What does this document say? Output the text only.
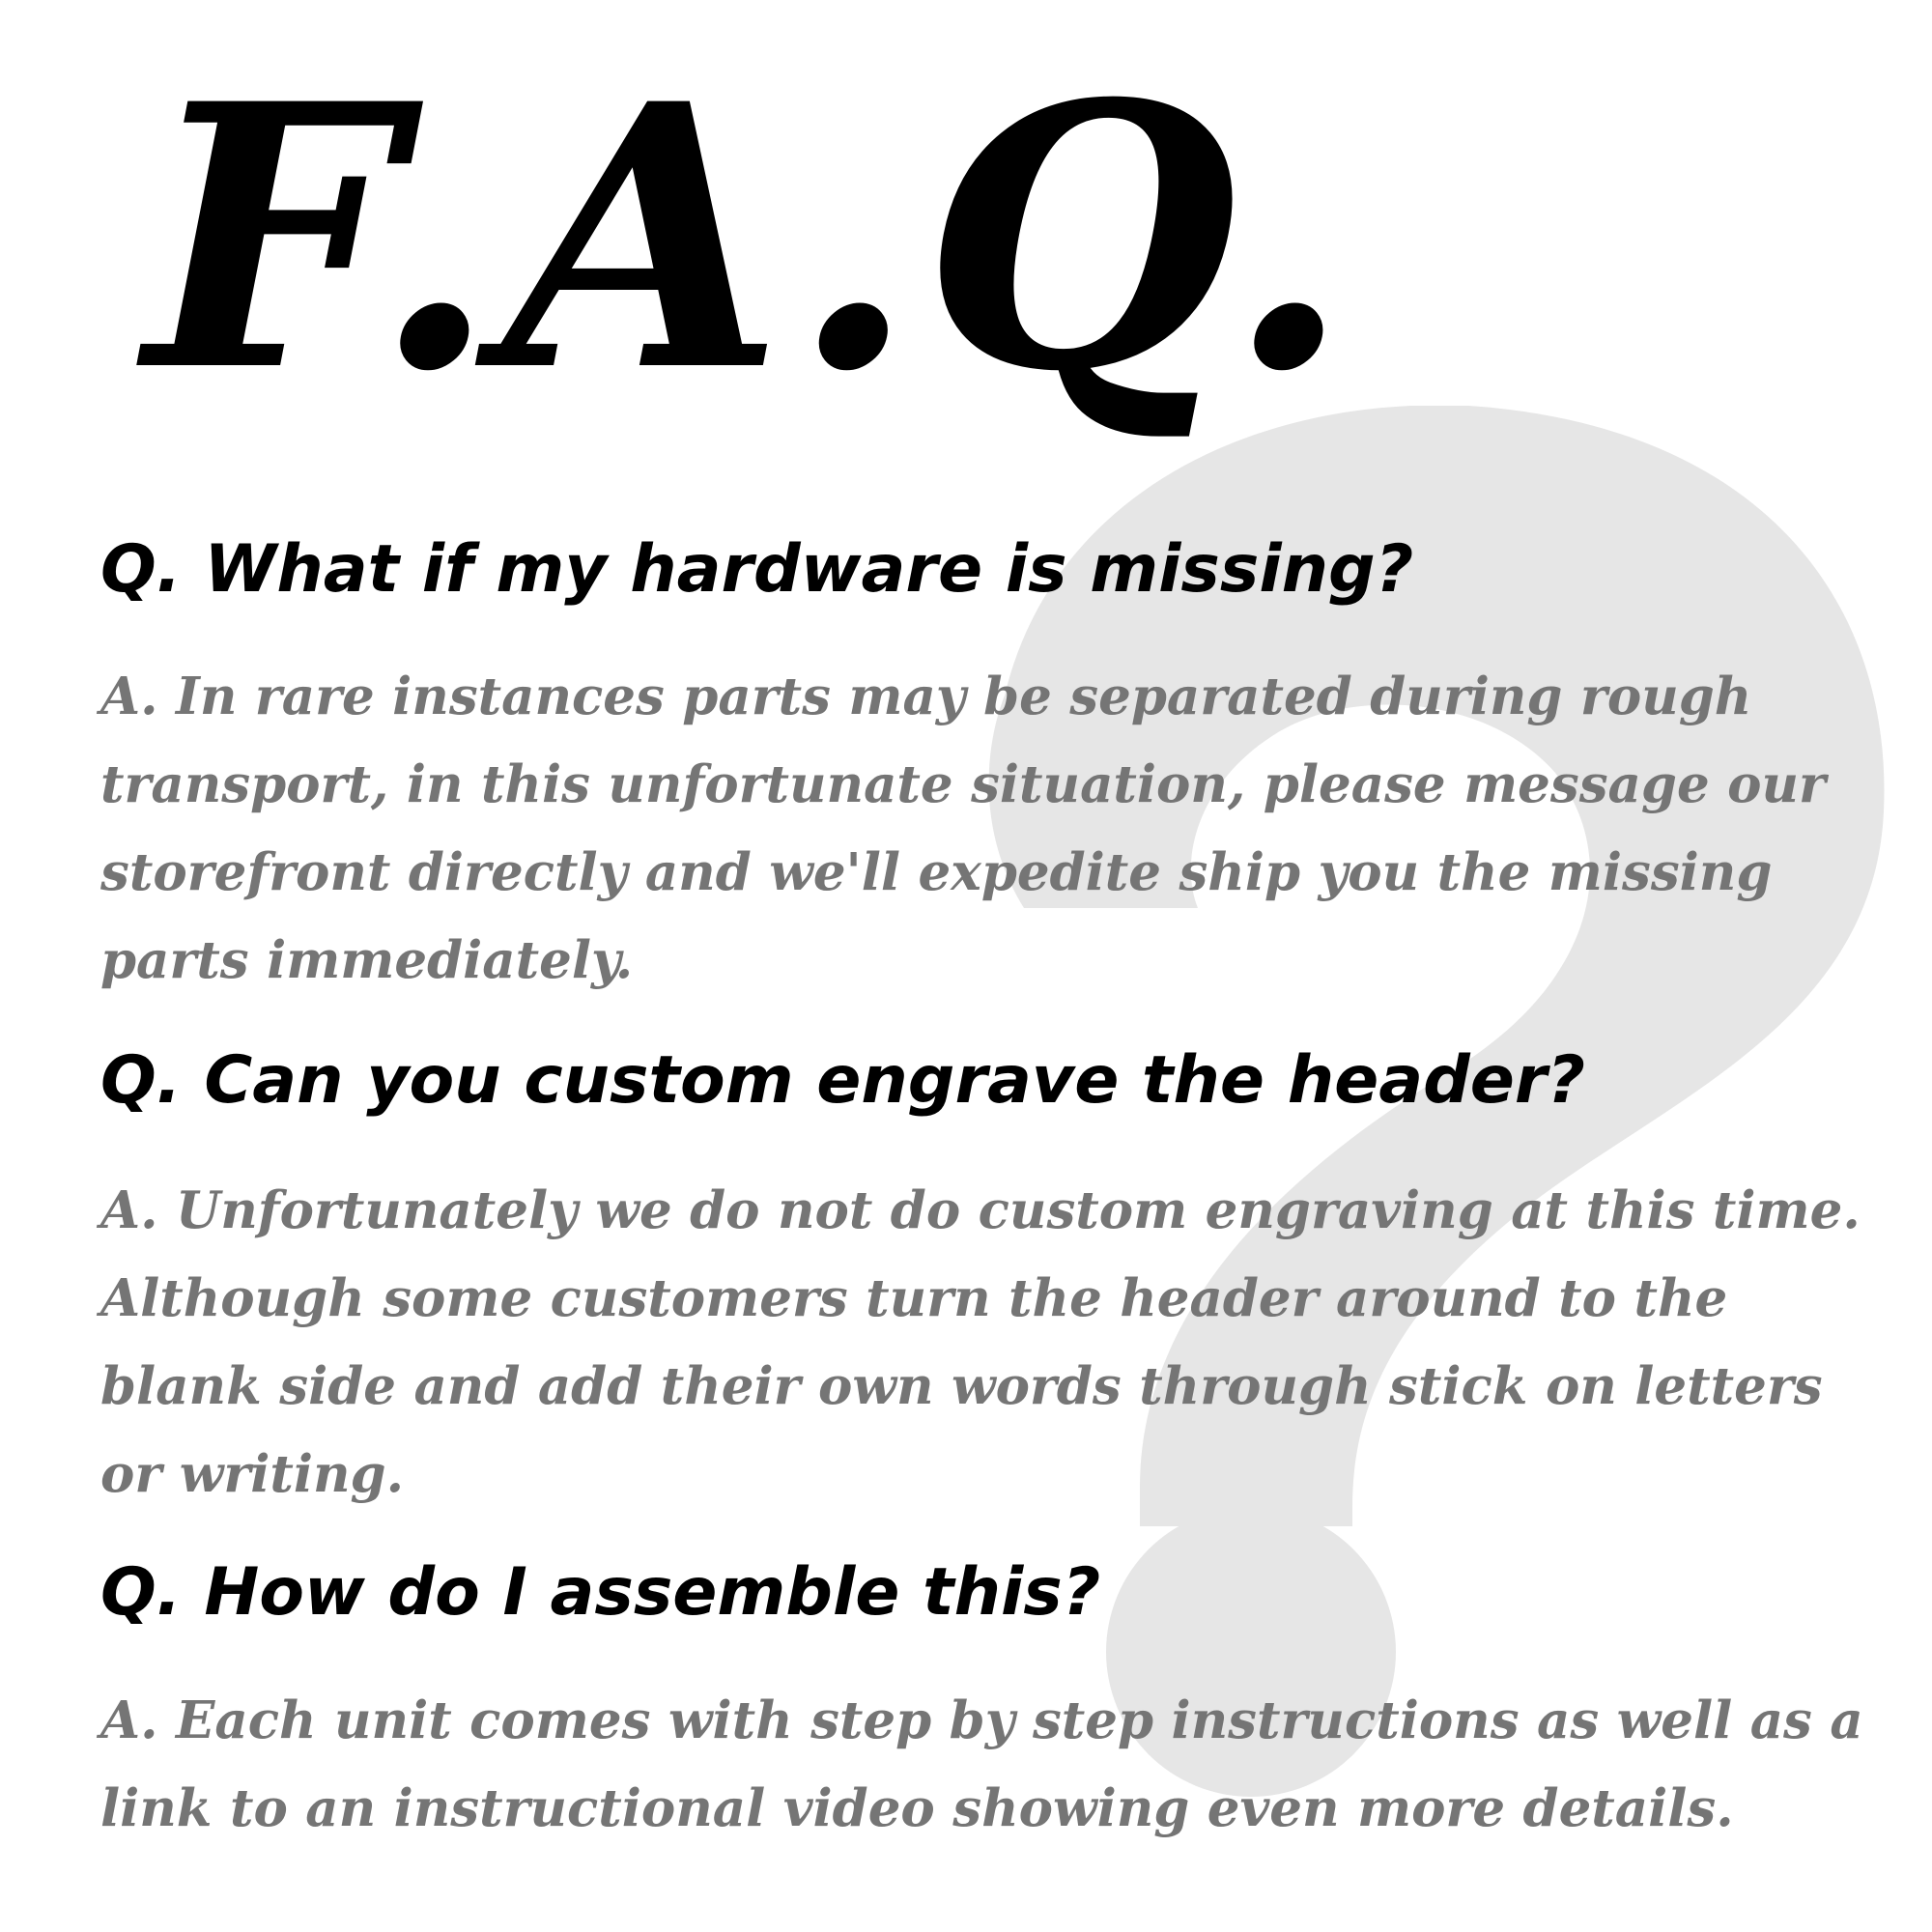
F.A.Q.
Q. What if my hardware is missing?

A. In rare instances parts may be separated during rough transport, in this unfortunate situation, please message our storefront directly and we'll expedite ship you the missing parts immediately.

Q. Can you custom engrave the header?

A. Unfortunately we do not do custom engraving at this time. Although some customers turn the header around to the blank side and add their own words through stick on letters or writing.

Q. How do I assemble this?

A. Each unit comes with step by step instructions as well as a link to an instructional video showing even more details.
